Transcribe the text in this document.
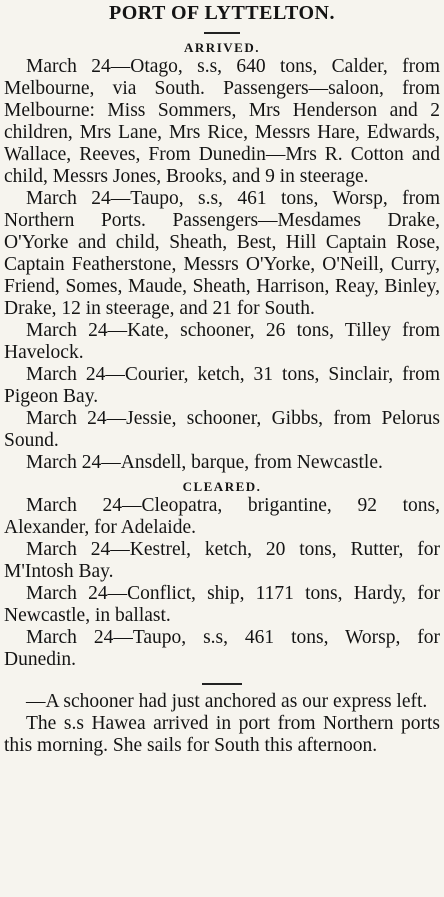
PORT OF LYTTELTON.
ARRIVED.

March 24—Otago, s.s, 640 tons, Calder, from Melbourne, via South. Passengers—saloon, from Melbourne: Miss Sommers, Mrs Henderson and 2 children, Mrs Lane, Mrs Rice, Messrs Hare, Edwards, Wallace, Reeves, From Dunedin—Mrs R. Cotton and child, Messrs Jones, Brooks, and 9 in steerage.

March 24—Taupo, s.s, 461 tons, Worsp, from Northern Ports. Passengers—Mesdames Drake, O'Yorke and child, Sheath, Best, Hill Captain Rose, Captain Featherstone, Messrs O'Yorke, O'Neill, Curry, Friend, Somes, Maude, Sheath, Harrison, Reay, Binley, Drake, 12 in steerage, and 21 for South.

March 24—Kate, schooner, 26 tons, Tilley from Havelock.

March 24—Courier, ketch, 31 tons, Sinclair, from Pigeon Bay.

March 24—Jessie, schooner, Gibbs, from Pelorus Sound.

March 24—Ansdell, barque, from Newcastle.

CLEARED.

March 24—Cleopatra, brigantine, 92 tons, Alexander, for Adelaide.

March 24—Kestrel, ketch, 20 tons, Rutter, for M'Intosh Bay.

March 24—Conflict, ship, 1171 tons, Hardy, for Newcastle, in ballast.

March 24—Taupo, s.s, 461 tons, Worsp, for Dunedin.

—A schooner had just anchored as our express left.

The s.s Hawea arrived in port from Northern ports this morning. She sails for South this afternoon.
